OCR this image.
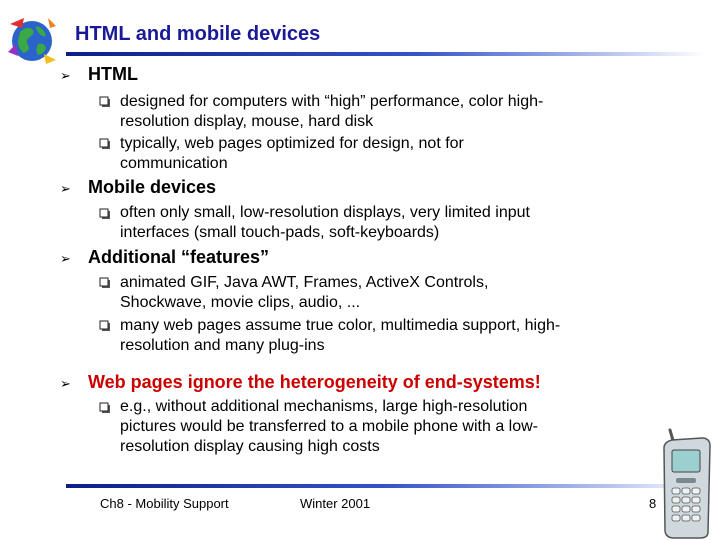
HTML and mobile devices
➢ HTML
designed for computers with “high” performance, color high-
resolution display, mouse, hard disk
typically, web pages optimized for design, not for
communication
➢ Mobile devices
often only small, low-resolution displays, very limited input
interfaces (small touch-pads, soft-keyboards)
➢ Additional “features”
animated GIF, Java AWT, Frames, ActiveX Controls,
Shockwave, movie clips, audio, ...
many web pages assume true color, multimedia support, high-
resolution and many plug-ins
➢ Web pages ignore the heterogeneity of end-systems!
e.g., without additional mechanisms, large high-resolution
pictures would be transferred to a mobile phone with a low-
resolution display causing high costs
Ch8 - Mobility Support	Winter 2001	8
